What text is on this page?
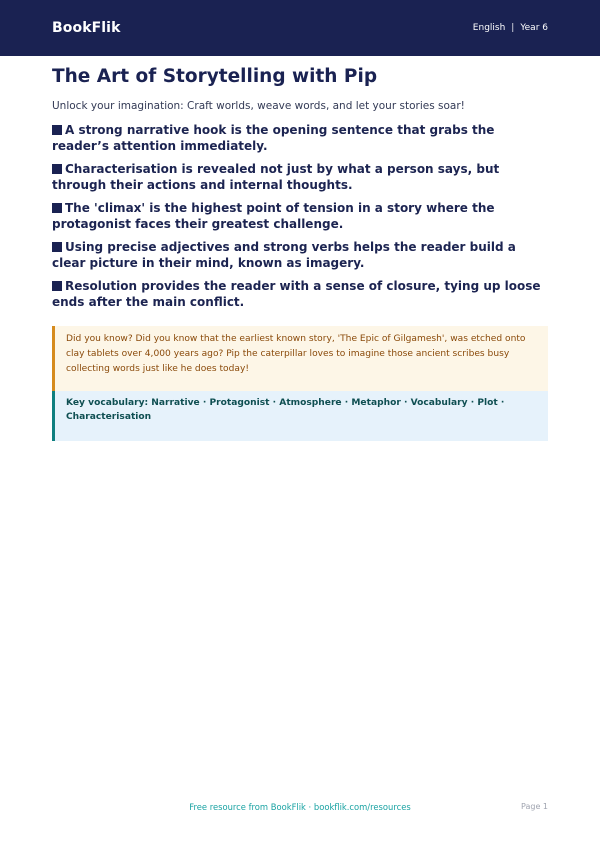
BookFlik	English | Year 6
The Art of Storytelling with Pip
Unlock your imagination: Craft worlds, weave words, and let your stories soar!
A strong narrative hook is the opening sentence that grabs the reader’s attention immediately.
Characterisation is revealed not just by what a person says, but through their actions and internal thoughts.
The 'climax' is the highest point of tension in a story where the protagonist faces their greatest challenge.
Using precise adjectives and strong verbs helps the reader build a clear picture in their mind, known as imagery.
Resolution provides the reader with a sense of closure, tying up loose ends after the main conflict.
Did you know? Did you know that the earliest known story, 'The Epic of Gilgamesh', was etched onto clay tablets over 4,000 years ago? Pip the caterpillar loves to imagine those ancient scribes busy collecting words just like he does today!
Key vocabulary: Narrative · Protagonist · Atmosphere · Metaphor · Vocabulary · Plot · Characterisation
Free resource from BookFlik · bookflik.com/resources	Page 1
